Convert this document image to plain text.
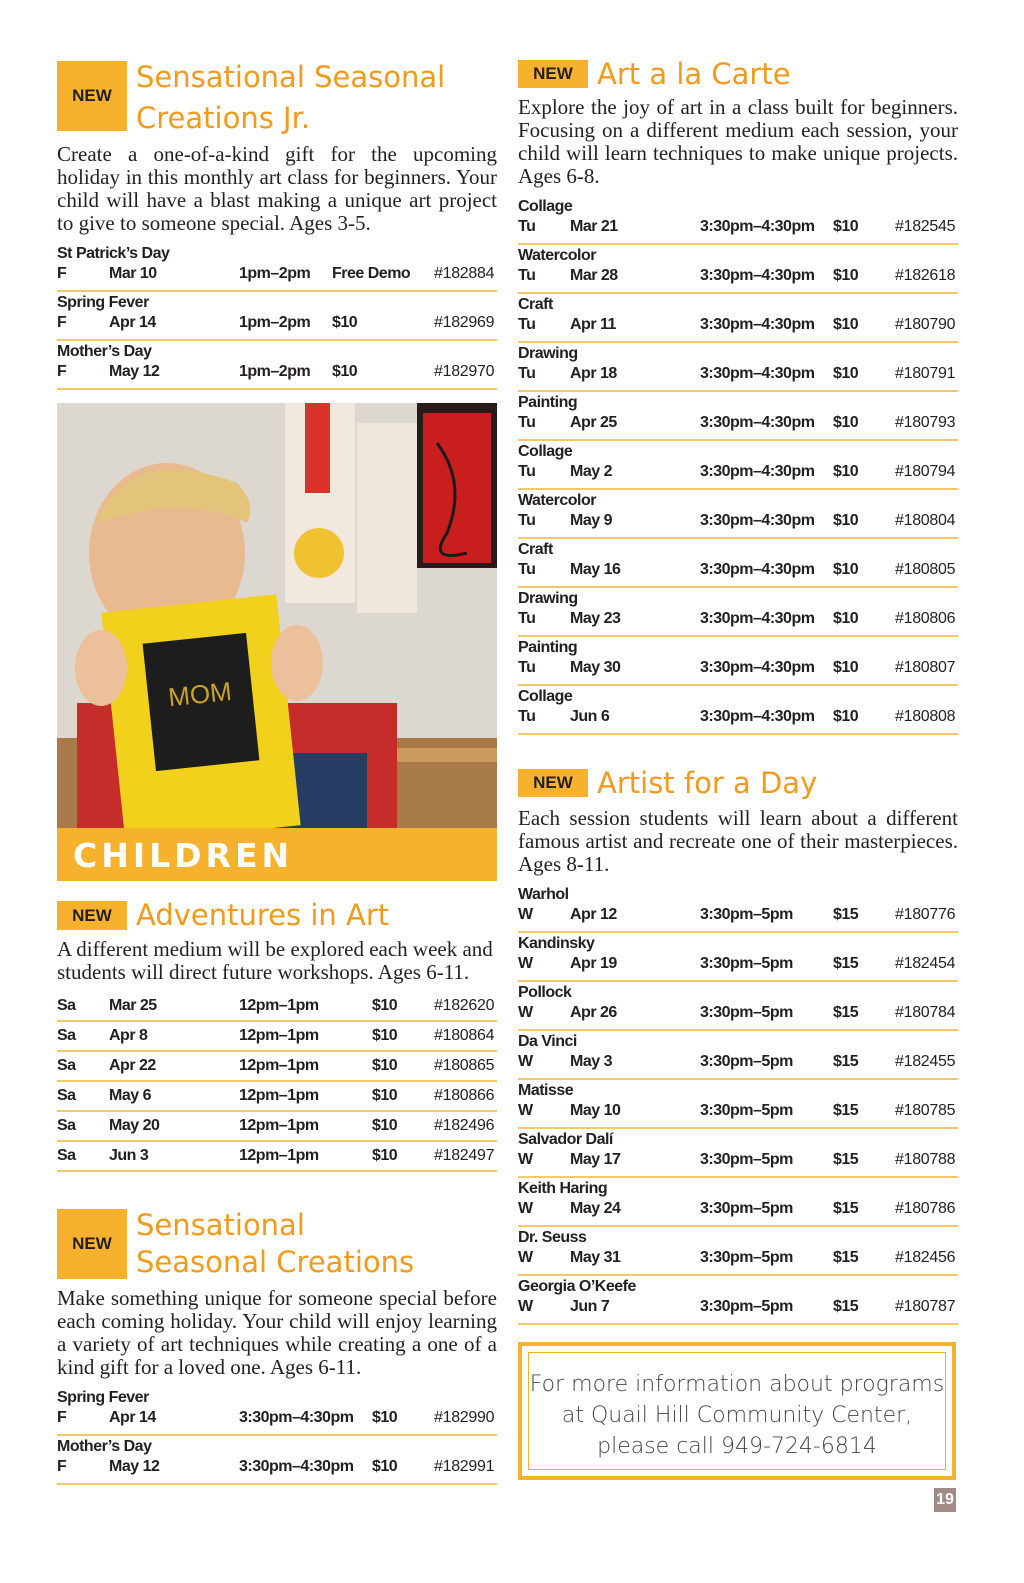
NEW
Sensational Seasonal
Creations Jr.
Create a one-of-a-kind gift for the upcoming holiday in this monthly art class for beginners. Your child will have a blast making a unique art project to give to someone special. Ages 3-5.
St Patrick’s Day
F	Mar 10	1pm–2pm Free Demo #182884
Spring Fever
F	Apr 14	1pm–2pm $10	#182969
Mother’s Day
F	May 12	1pm–2pm $10	#182970
MOM
CHILDREN
NEW Adventures in Art
A different medium will be explored each week and students will direct future workshops. Ages 6-11.
Sa Mar 25	12pm–1pm	$10 #182620
Sa Apr 8	12pm–1pm	$10 #180864
Sa Apr 22	12pm–1pm	$10 #180865
Sa May 6	12pm–1pm	$10 #180866
Sa May 20	12pm–1pm	$10 #182496
Sa Jun 3	12pm–1pm	$10 #182497
NEW
Sensational
Seasonal Creations
Make something unique for someone special before each coming holiday. Your child will enjoy learning a variety of art techniques while creating a one of a kind gift for a loved one. Ages 6-11.
Spring Fever
F	Apr 14	3:30pm–4:30pm $10 #182990
Mother’s Day
F	May 12	3:30pm–4:30pm $10 #182991
NEW Art a la Carte
Explore the joy of art in a class built for beginners. Focusing on a different medium each session, your child will learn techniques to make unique projects. Ages 6-8.
Collage
Tu Mar 21	3:30pm–4:30pm $10 #182545
Watercolor
Tu Mar 28	3:30pm–4:30pm $10 #182618
Craft
Tu Apr 11	3:30pm–4:30pm $10 #180790
Drawing
Tu Apr 18	3:30pm–4:30pm $10 #180791
Painting
Tu Apr 25	3:30pm–4:30pm $10 #180793
Collage
Tu May 2	3:30pm–4:30pm $10 #180794
Watercolor
Tu May 9	3:30pm–4:30pm $10 #180804
Craft
Tu May 16	3:30pm–4:30pm $10 #180805
Drawing
Tu May 23	3:30pm–4:30pm $10 #180806
Painting
Tu May 30	3:30pm–4:30pm $10 #180807
Collage
Tu Jun 6	3:30pm–4:30pm $10 #180808
NEW Artist for a Day
Each session students will learn about a different famous artist and recreate one of their masterpieces. Ages 8-11.
Warhol
W Apr 12	3:30pm–5pm	$15 #180776
Kandinsky
W Apr 19	3:30pm–5pm	$15 #182454
Pollock
W Apr 26	3:30pm–5pm	$15 #180784
Da Vinci
W May 3	3:30pm–5pm	$15 #182455
Matisse
W May 10	3:30pm–5pm	$15 #180785
Salvador Dalí
W May 17	3:30pm–5pm	$15 #180788
Keith Haring
W May 24	3:30pm–5pm	$15 #180786
Dr. Seuss
W May 31	3:30pm–5pm	$15 #182456
Georgia O’Keefe
W Jun 7	3:30pm–5pm	$15 #180787
For more information about programs
at Quail Hill Community Center,
please call 949-724-6814
19
